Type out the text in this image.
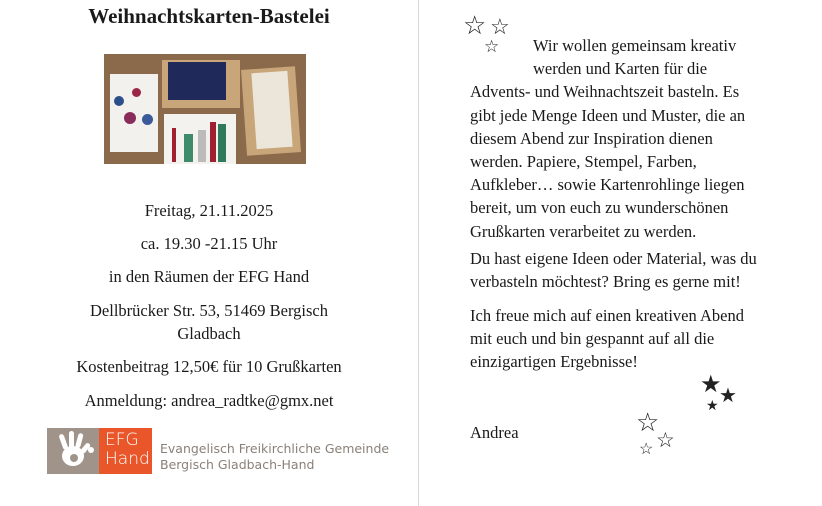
Weihnachtskarten-Bastelei
Freitag, 21.11.2025
ca. 19.30 -21.15 Uhr
in den Räumen der EFG Hand
Dellbrücker Str. 53, 51469 Bergisch
Gladbach
Kostenbeitrag 12,50€ für 10 Grußkarten
Anmeldung: andrea_radtke@gmx.net
EFG
Hand
Evangelisch Freikirchliche Gemeinde
Bergisch Gladbach-Hand
☆ ☆
☆	Wir wollen gemeinsam kreativ
werden und Karten für die
Advents- und Weihnachtszeit basteln. Es
gibt jede Menge Ideen und Muster, die an
diesem Abend zur Inspiration dienen
werden. Papiere, Stempel, Farben,
Aufkleber… sowie Kartenrohlinge liegen
bereit, um von euch zu wunderschönen
Grußkarten verarbeitet zu werden.
Du hast eigene Ideen oder Material, was du
verbasteln möchtest? Bring es gerne mit!
Ich freue mich auf einen kreativen Abend
mit euch und bin gespannt auf all die
einzigartigen Ergebnisse!
Andrea
★
★
★
☆
☆
☆
